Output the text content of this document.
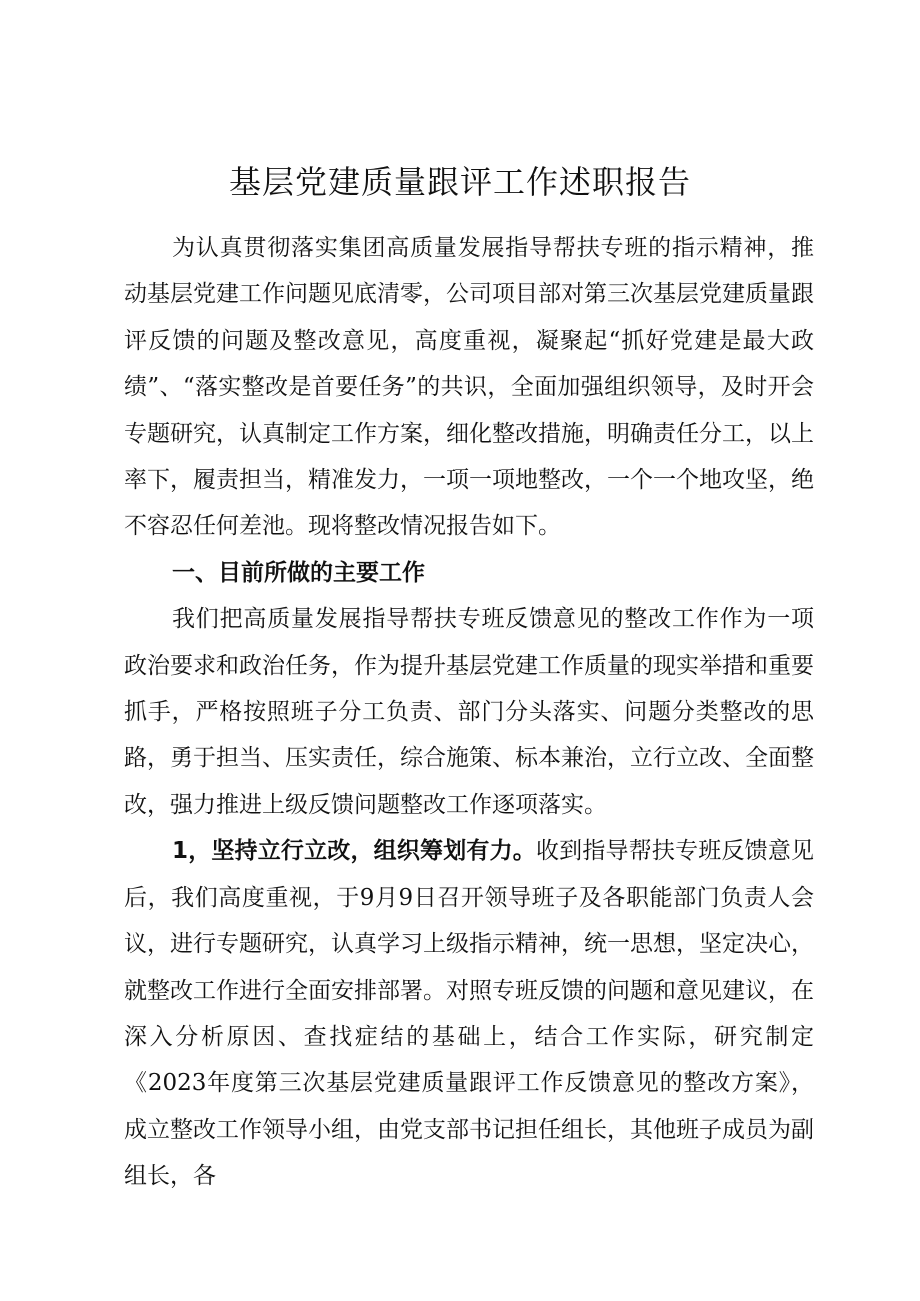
基层党建质量跟评工作述职报告

为认真贯彻落实集团高质量发展指导帮扶专班的指示精神，推动基层党建工作问题见底清零，公司项目部对第三次基层党建质量跟评反馈的问题及整改意见，高度重视，凝聚起“抓好党建是最大政绩”、“落实整改是首要任务”的共识，全面加强组织领导，及时开会专题研究，认真制定工作方案，细化整改措施，明确责任分工，以上率下，履责担当，精准发力，一项一项地整改，一个一个地攻坚，绝不容忍任何差池。现将整改情况报告如下。

一、目前所做的主要工作

我们把高质量发展指导帮扶专班反馈意见的整改工作作为一项政治要求和政治任务，作为提升基层党建工作质量的现实举措和重要抓手，严格按照班子分工负责、部门分头落实、问题分类整改的思路，勇于担当、压实责任，综合施策、标本兼治，立行立改、全面整改，强力推进上级反馈问题整改工作逐项落实。

1，坚持立行立改，组织筹划有力。收到指导帮扶专班反馈意见后，我们高度重视，于9月9日召开领导班子及各职能部门负责人会议，进行专题研究，认真学习上级指示精神，统一思想，坚定决心，就整改工作进行全面安排部署。对照专班反馈的问题和意见建议，在深入分析原因、查找症结的基础上，结合工作实际，研究制定《2023年度第三次基层党建质量跟评工作反馈意见的整改方案》，成立整改工作领导小组，由党支部书记担任组长，其他班子成员为副组长，各
